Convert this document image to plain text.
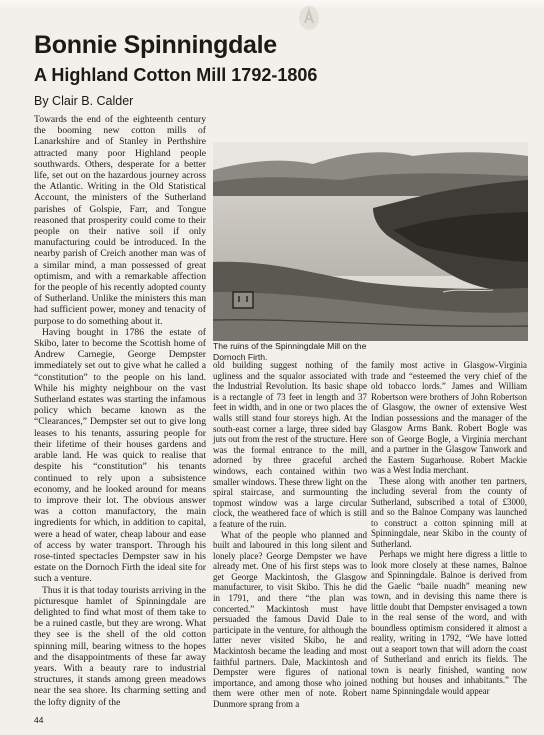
Bonnie Spinningdale
A Highland Cotton Mill 1792-1806
By Clair B. Calder

Towards the end of the eighteenth century the booming new cotton mills of Lanarkshire and of Stanley in Perthshire attracted many poor Highland people southwards. Others, desperate for a better life, set out on the hazardous journey across the Atlantic. Writing in the Old Statistical Account, the ministers of the Sutherland parishes of Golspie, Farr, and Tongue reasoned that prosperity could come to their people on their native soil if only manufacturing could be introduced. In the nearby parish of Creich another man was of a similar mind, a man possessed of great optimism, and with a remarkable affection for the people of his recently adopted county of Sutherland. Unlike the ministers this man had sufficient power, money and tenacity of purpose to do something about it.

Having bought in 1786 the estate of Skibo, later to become the Scottish home of Andrew Carnegie, George Dempster immediately set out to give what he called a “constitution” to the people on his land. While his mighty neighbour on the vast Sutherland estates was starting the infamous policy which became known as the “Clearances,” Dempster set out to give long leases to his tenants, assuring people for their lifetime of their houses gardens and arable land. He was quick to realise that despite his “constitution” his tenants continued to rely upon a subsistence economy, and he looked around for means to improve their lot. The obvious answer was a cotton manufactory, the main ingredients for which, in addition to capital, were a head of water, cheap labour and ease of access by water transport. Through his rose-tinted spectacles Dempster saw in his estate on the Dornoch Firth the ideal site for such a venture.

Thus it is that today tourists arriving in the picturesque hamlet of Spinningdale are delighted to find what most of them take to be a ruined castle, but they are wrong. What they see is the shell of the old cotton spinning mill, bearing witness to the hopes and the disappointments of these far away years. With a beauty rare to industrial structures, it stands among green meadows near the sea shore. Its charming setting and the lofty dignity of the

The ruins of the Spinningdale Mill on the Dornoch Firth.

old building suggest nothing of the ugliness and the squalor associated with the Industrial Revolution. Its basic shape is a rectangle of 73 feet in length and 37 feet in width, and in one or two places the walls still stand four storeys high. At the south-east corner a large, three sided bay juts out from the rest of the structure. Here was the formal entrance to the mill, adorned by three graceful arched windows, each contained within two smaller windows. These threw light on the spiral staircase, and surmounting the topmost window was a large circular clock, the weathered face of which is still a feature of the ruin.

What of the people who planned and built and laboured in this long silent and lonely place? George Dempster we have already met. One of his first steps was to get George Mackintosh, the Glasgow manufacturer, to visit Skibo. This he did in 1791, and there “the plan was concerted.” Mackintosh must have persuaded the famous David Dale to participate in the venture, for although the latter never visited Skibo, he and Mackintosh became the leading and most faithful partners. Dale, Mackintosh and Dempster were figures of national importance, and among those who joined them were other men of note. Robert Dunmore sprang from a

family most active in Glasgow-Virginia trade and “esteemed the very chief of the old tobacco lords.” James and William Robertson were brothers of John Robertson of Glasgow, the owner of extensive West Indian possessions and the manager of the Glasgow Arms Bank. Robert Bogle was son of George Bogle, a Virginia merchant and a partner in the Glasgow Tanwork and the Eastern Sugarhouse. Robert Mackie was a West India merchant.

These along with another ten partners, including several from the county of Sutherland, subscribed a total of £3000, and so the Balnoe Company was launched to construct a cotton spinning mill at Spinningdale, near Skibo in the county of Sutherland.

Perhaps we might here digress a little to look more closely at these names, Balnoe and Spinningdale. Balnoe is derived from the Gaelic “baile nuadh” meaning new town, and in devising this name there is little doubt that Dempster envisaged a town in the real sense of the word, and with boundless optimism considered it almost a reality, writing in 1792, “We have lotted out a seaport town that will adorn the coast of Sutherland and enrich its fields. The town is nearly finished, wanting now nothing but houses and inhabitants.” The name Spinningdale would appear

44
